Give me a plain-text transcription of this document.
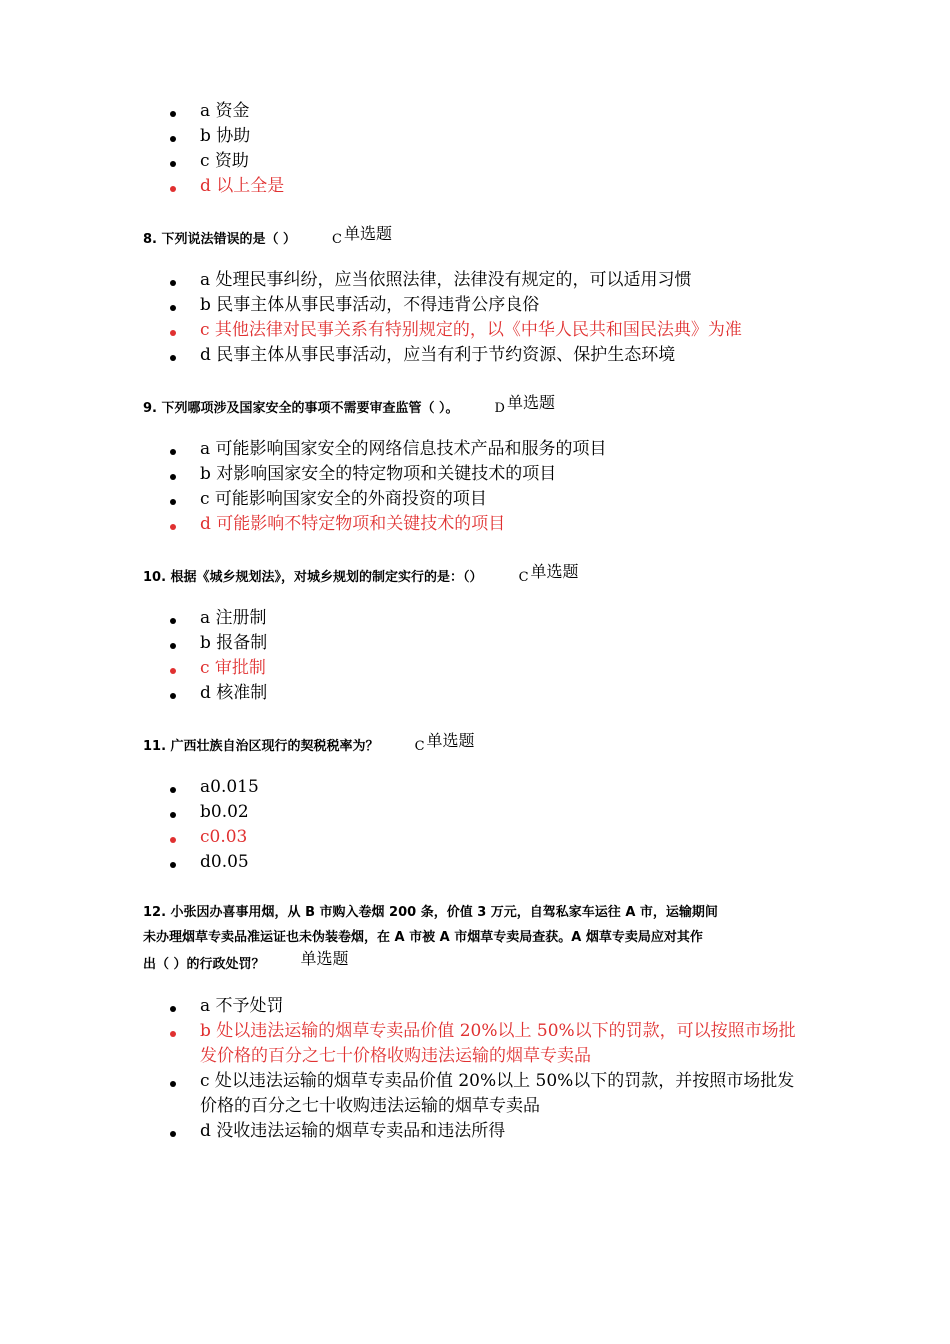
a 资金
b 协助
c 资助
d 以上全是
8. 下列说法错误的是（ ）	C 单选题
a 处理民事纠纷，应当依照法律，法律没有规定的，可以适用习惯
b 民事主体从事民事活动，不得违背公序良俗
c 其他法律对民事关系有特别规定的，以《中华人民共和国民法典》为准
d 民事主体从事民事活动，应当有利于节约资源、保护生态环境
9. 下列哪项涉及国家安全的事项不需要审查监管（ ）。	D 单选题
a 可能影响国家安全的网络信息技术产品和服务的项目
b 对影响国家安全的特定物项和关键技术的项目
c 可能影响国家安全的外商投资的项目
d 可能影响不特定物项和关键技术的项目
10. 根据《城乡规划法》，对城乡规划的制定实行的是：（）	C 单选题
a 注册制
b 报备制
c 审批制
d 核准制
11. 广西壮族自治区现行的契税税率为？	C 单选题
a0.015
b0.02
c0.03
d0.05
12. 小张因办喜事用烟，从 B 市购入卷烟 200 条，价值 3 万元，自驾私家车运往 A 市，运输期间
未办理烟草专卖品准运证也未伪装卷烟，在 A 市被 A 市烟草专卖局查获。A 烟草专卖局应对其作
出（ ）的行政处罚？ 单选题
a 不予处罚
b 处以违法运输的烟草专卖品价值 20%以上 50%以下的罚款，可以按照市场批发价格的百分之七十价格收购违法运输的烟草专卖品
c 处以违法运输的烟草专卖品价值 20%以上 50%以下的罚款，并按照市场批发价格的百分之七十收购违法运输的烟草专卖品
d 没收违法运输的烟草专卖品和违法所得
